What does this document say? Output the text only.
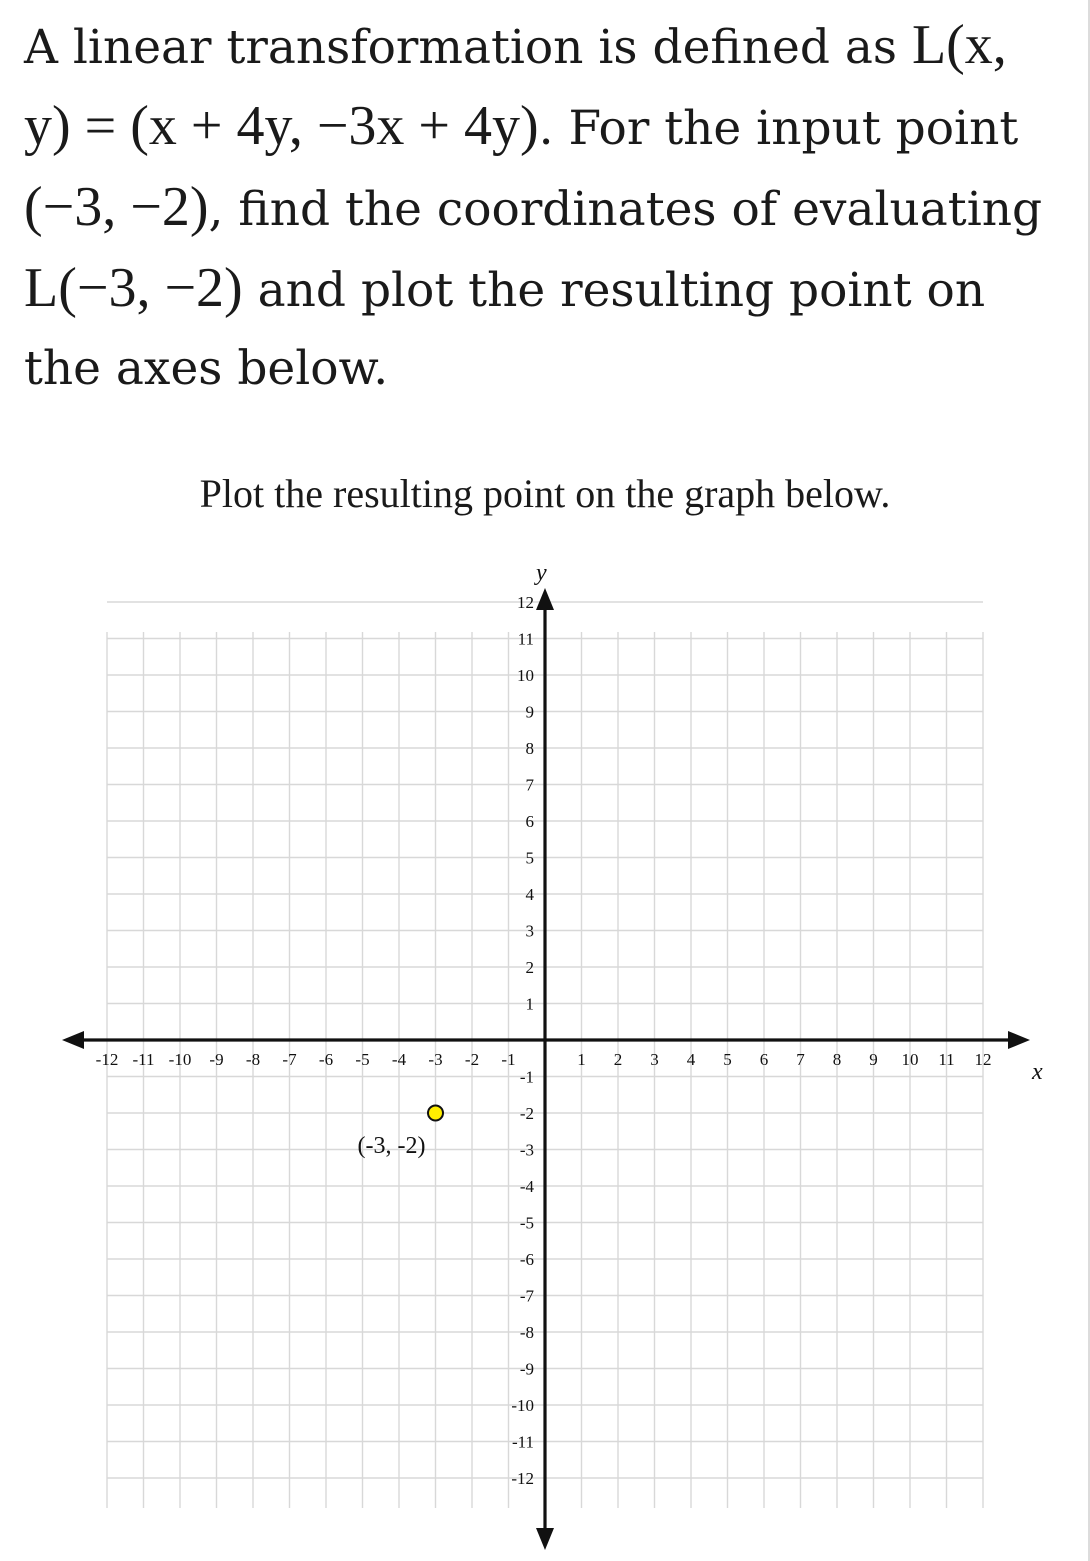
A linear transformation is defined as L(x, y) = (x + 4y, −3x + 4y). For the input point (−3, −2), find the coordinates of evaluating L(−3, −2) and plot the resulting point on the axes below.
Plot the resulting point on the graph below.
x
y
-12 -11 -10 -9 -8 -7 -6 -5 -4 -3 -2 -1	1 2 3 4 5 6 7 8 9 10 11 12
12
11
10
9
8
7
6
5
4
3
2
1
-1
-2
-3
-4
-5
-6
-7
-8
-9
-10
-11
-12
(-3, -2)
